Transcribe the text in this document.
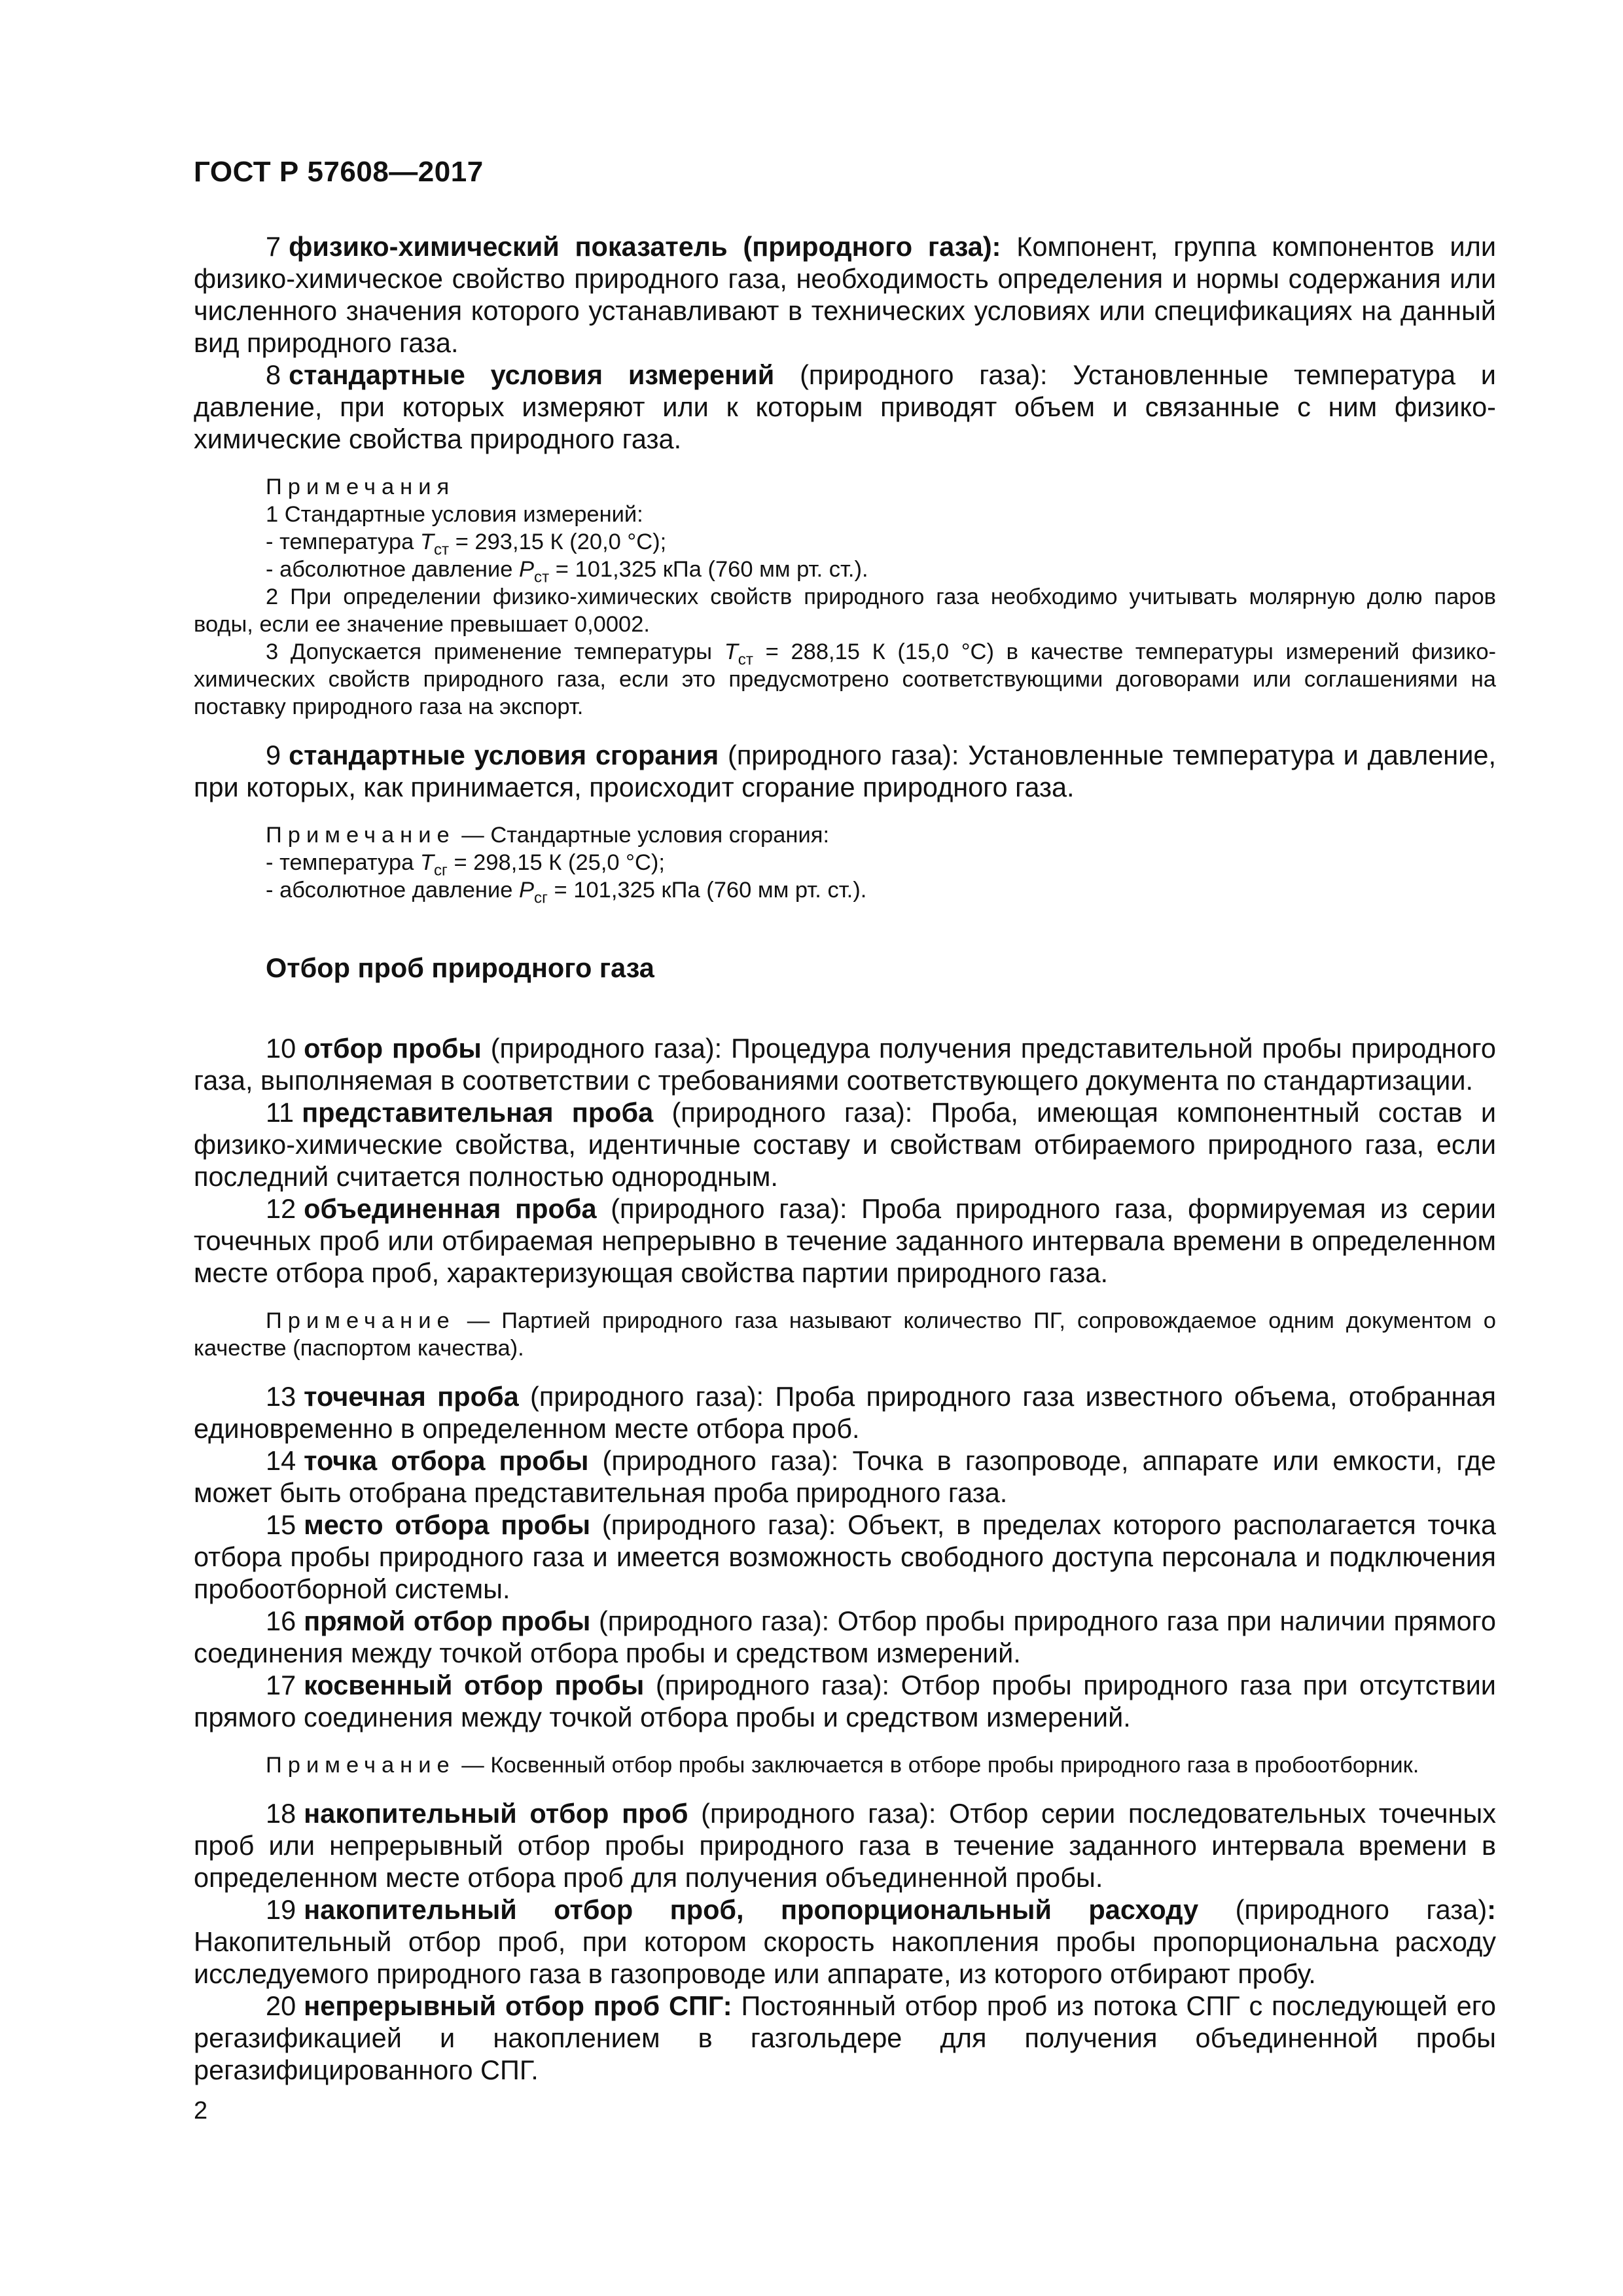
ГОСТ Р 57608—2017

7 физико-химический показатель (природного газа): Компонент, группа компонентов или физико-химическое свойство природного газа, необходимость определения и нормы содержания или численного значения которого устанавливают в технических условиях или спецификациях на данный вид природного газа.

8 стандартные условия измерений (природного газа): Установленные температура и давление, при которых измеряют или к которым приводят объем и связанные с ним физико-химические свойства природного газа.

Примечания

1 Стандартные условия измерений:

- температура $T_{ст} = 293,15$ К (20,0 °С);

- абсолютное давление $P_{ст} = 101,325$ кПа (760 мм рт. ст.).

2 При определении физико-химических свойств природного газа необходимо учитывать молярную долю паров воды, если ее значение превышает 0,0002.

3 Допускается применение температуры $T_{ст} = 288,15$ К (15,0 °С) в качестве температуры измерений физико-химических свойств природного газа, если это предусмотрено соответствующими договорами или соглашениями на поставку природного газа на экспорт.

9 стандартные условия сгорания (природного газа): Установленные температура и давление, при которых, как принимается, происходит сгорание природного газа.

Примечание — Стандартные условия сгорания:

- температура $T_{сг} = 298,15$ К (25,0 °С);

- абсолютное давление $P_{сг} = 101,325$ кПа (760 мм рт. ст.).

Отбор проб природного газа

10 отбор пробы (природного газа): Процедура получения представительной пробы природного газа, выполняемая в соответствии с требованиями соответствующего документа по стандартизации.

11 представительная проба (природного газа): Проба, имеющая компонентный состав и физико-химические свойства, идентичные составу и свойствам отбираемого природного газа, если последний считается полностью однородным.

12 объединенная проба (природного газа): Проба природного газа, формируемая из серии точечных проб или отбираемая непрерывно в течение заданного интервала времени в определенном месте отбора проб, характеризующая свойства партии природного газа.

Примечание — Партией природного газа называют количество ПГ, сопровождаемое одним документом о качестве (паспортом качества).

13 точечная проба (природного газа): Проба природного газа известного объема, отобранная единовременно в определенном месте отбора проб.

14 точка отбора пробы (природного газа): Точка в газопроводе, аппарате или емкости, где может быть отобрана представительная проба природного газа.

15 место отбора пробы (природного газа): Объект, в пределах которого располагается точка отбора пробы природного газа и имеется возможность свободного доступа персонала и подключения пробоотборной системы.

16 прямой отбор пробы (природного газа): Отбор пробы природного газа при наличии прямого соединения между точкой отбора пробы и средством измерений.

17 косвенный отбор пробы (природного газа): Отбор пробы природного газа при отсутствии прямого соединения между точкой отбора пробы и средством измерений.

Примечание — Косвенный отбор пробы заключается в отборе пробы природного газа в пробоотборник.

18 накопительный отбор проб (природного газа): Отбор серии последовательных точечных проб или непрерывный отбор пробы природного газа в течение заданного интервала времени в определенном месте отбора проб для получения объединенной пробы.

19 накопительный отбор проб, пропорциональный расходу (природного газа): Накопительный отбор проб, при котором скорость накопления пробы пропорциональна расходу исследуемого природного газа в газопроводе или аппарате, из которого отбирают пробу.

20 непрерывный отбор проб СПГ: Постоянный отбор проб из потока СПГ с последующей его регазификацией и накоплением в газгольдере для получения объединенной пробы регазифицированного СПГ.

2
